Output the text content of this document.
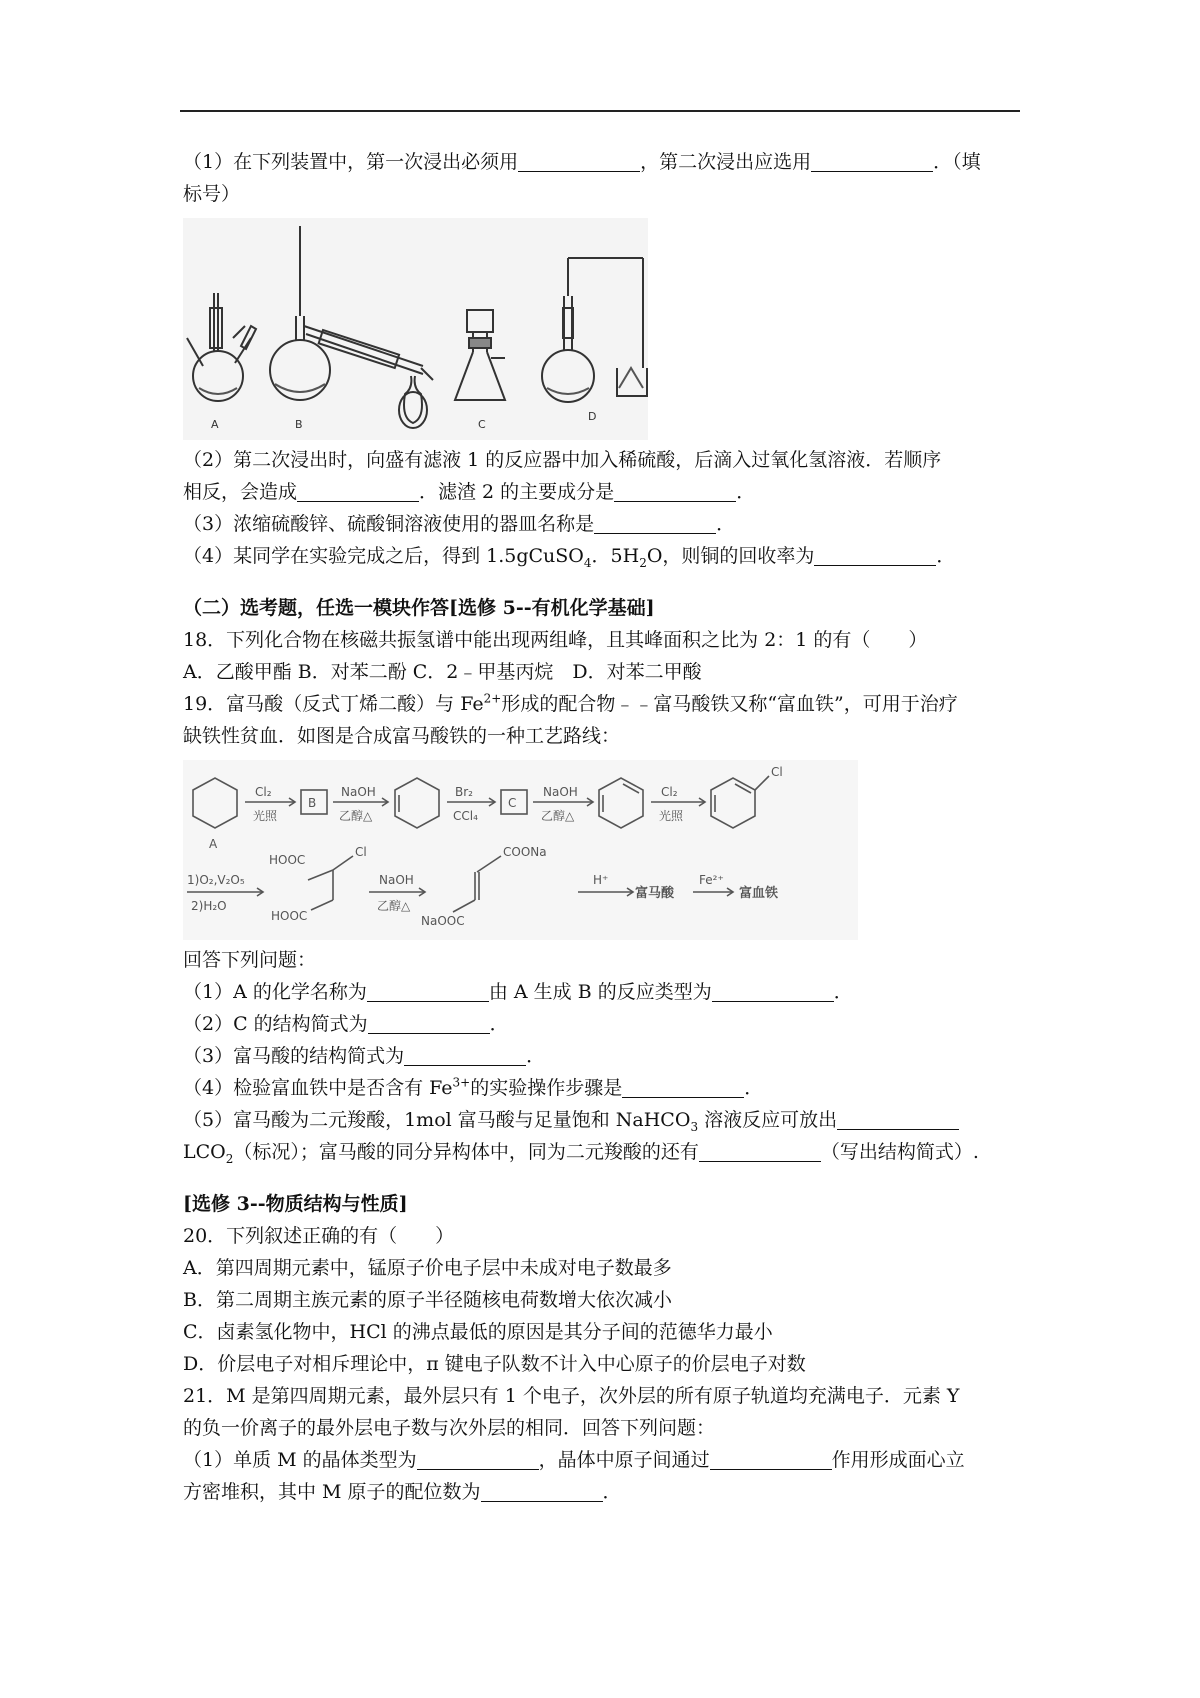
（1）在下列装置中，第一次浸出必须用	，第二次浸出应选用	．（填
标号）
A	B	C
D
（2）第二次浸出时，向盛有滤液 1 的反应器中加入稀硫酸，后滴入过氧化氢溶液．若顺序
相反，会造成	．滤渣 2 的主要成分是	．
（3）浓缩硫酸锌、硫酸铜溶液使用的器皿名称是	．
（4）某同学在实验完成之后，得到 1.5gCuSO$_4$．$5H_2O$，则铜的回收率为	．
（二）选考题，任选一模块作答[选修 5--有机化学基础]
18．下列化合物在核磁共振氢谱中能出现两组峰，且其峰面积之比为 2：1 的有（　　）
A．乙酸甲酯 B．对苯二酚 C．2﹣甲基丙烷　D．对苯二甲酸
19．富马酸（反式丁烯二酸）与 $Fe^{2+}$形成的配合物﹣﹣富马酸铁又称“富血铁”，可用于治疗
缺铁性贫血．如图是合成富马酸铁的一种工艺路线：
Cl₂
光照
B
NaOH
乙醇△
Br₂
CCl₄
C
NaOH
乙醇△
Cl₂
光照
Cl
A
1)O₂,V₂O₅
2)H₂O
HOOC
Cl
HOOC
NaOH
乙醇△
COONa
NaOOC
H⁺
富马酸
Fe²⁺
富血铁
回答下列问题：
（1）A 的化学名称为	由 A 生成 B 的反应类型为	．
（2）C 的结构简式为	．
（3）富马酸的结构简式为	．
（4）检验富血铁中是否含有 $Fe^{3+}$的实验操作步骤是	．
（5）富马酸为二元羧酸，1mol 富马酸与足量饱和 NaHCO$_3$ 溶液反应可放出
$LCO_2$（标况）；富马酸的同分异构体中，同为二元羧酸的还有	（写出结构简式）.
[选修 3--物质结构与性质]
20．下列叙述正确的有（　　）
A．第四周期元素中，锰原子价电子层中未成对电子数最多
B．第二周期主族元素的原子半径随核电荷数增大依次减小
C．卤素氢化物中，HCl 的沸点最低的原因是其分子间的范德华力最小
D．价层电子对相斥理论中，π 键电子队数不计入中心原子的价层电子对数
21．M 是第四周期元素，最外层只有 1 个电子，次外层的所有原子轨道均充满电子．元素 Y
的负一价离子的最外层电子数与次外层的相同．回答下列问题：
（1）单质 M 的晶体类型为	，晶体中原子间通过	作用形成面心立
方密堆积，其中 M 原子的配位数为	．
